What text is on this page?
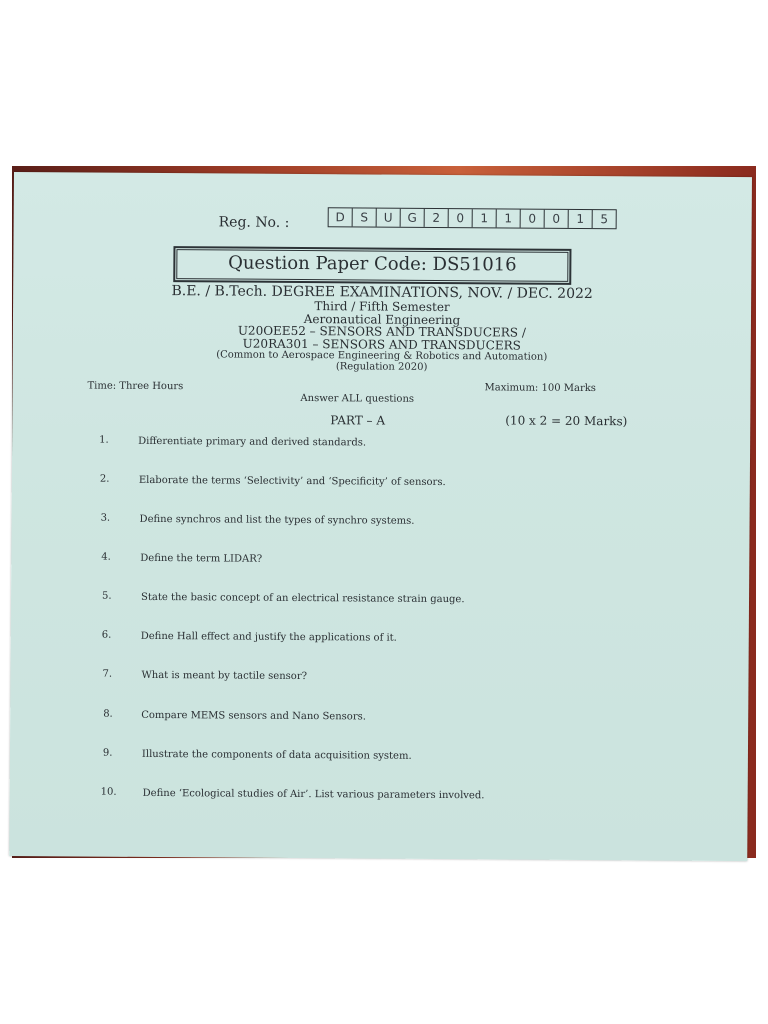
Reg. No. :	D	S	U	G	2	0	1	1	0	0	1	5
Question Paper Code: DS51016
B.E. / B.Tech. DEGREE EXAMINATIONS, NOV. / DEC. 2022
Third / Fifth Semester
Aeronautical Engineering
U20OEE52 – SENSORS AND TRANSDUCERS /
U20RA301 – SENSORS AND TRANSDUCERS
(Common to Aerospace Engineering & Robotics and Automation)
(Regulation 2020)
Time: Three Hours	Maximum: 100 Marks
Answer ALL questions
PART – A	(10 x 2 = 20 Marks)
1.	Differentiate primary and derived standards.
2.	Elaborate the terms ‘Selectivity’ and ‘Specificity’ of sensors.
3.	Define synchros and list the types of synchro systems.
4.	Define the term LIDAR?
5.	State the basic concept of an electrical resistance strain gauge.
6.	Define Hall effect and justify the applications of it.
7.	What is meant by tactile sensor?
8.	Compare MEMS sensors and Nano Sensors.
9.	Illustrate the components of data acquisition system.
10.	Define ‘Ecological studies of Air’. List various parameters involved.
